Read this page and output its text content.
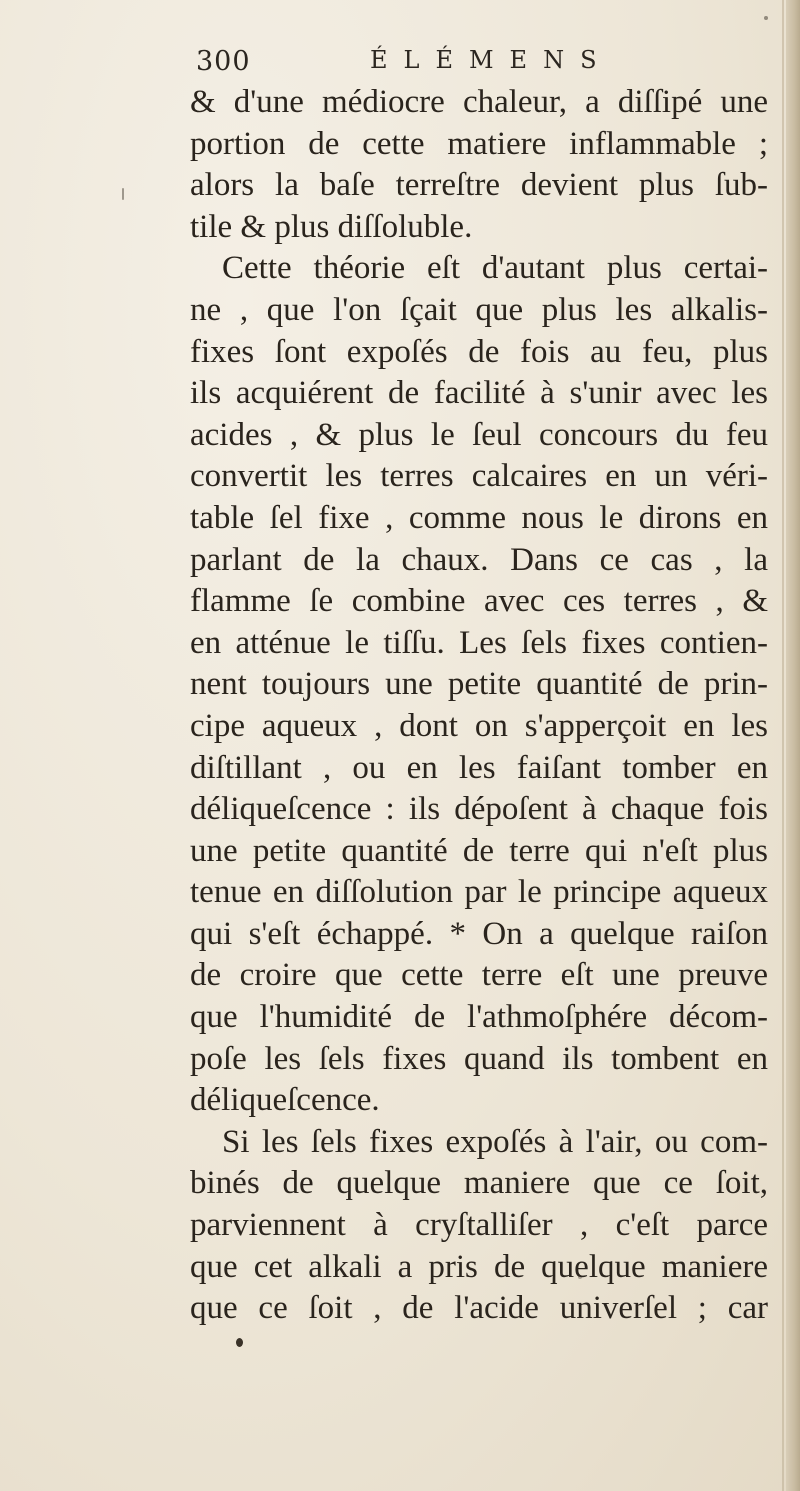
300	ÉLÉMENS
& d'une médiocre chaleur, a diſſipé une
portion de cette matiere inflammable ;
alors la baſe terreſtre devient plus ſub-
tile & plus diſſoluble.
Cette théorie eſt d'autant plus certai-
ne , que l'on ſçait que plus les alkalis-
fixes ſont expoſés de fois au feu, plus
ils acquiérent de facilité à s'unir avec les
acides , & plus le ſeul concours du feu
convertit les terres calcaires en un véri-
table ſel fixe , comme nous le dirons en
parlant de la chaux. Dans ce cas , la
flamme ſe combine avec ces terres , &
en atténue le tiſſu. Les ſels fixes contien-
nent toujours une petite quantité de prin-
cipe aqueux , dont on s'apperçoit en les
diſtillant , ou en les faiſant tomber en
déliqueſcence : ils dépoſent à chaque fois
une petite quantité de terre qui n'eſt plus
tenue en diſſolution par le principe aqueux
qui s'eſt échappé. * On a quelque raiſon
de croire que cette terre eſt une preuve
que l'humidité de l'athmoſphére décom-
poſe les ſels fixes quand ils tombent en
déliqueſcence.
Si les ſels fixes expoſés à l'air, ou com-
binés de quelque maniere que ce ſoit,
parviennent à cryſtalliſer , c'eſt parce
que cet alkali a pris de quelque maniere
que ce ſoit , de l'acide univerſel ; car
